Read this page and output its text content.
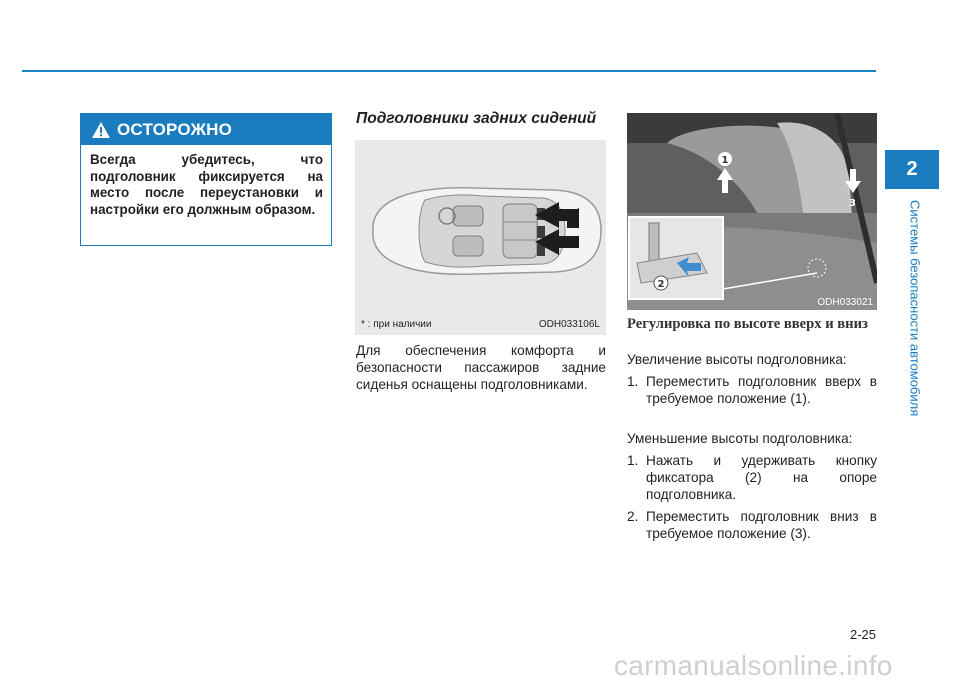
ОСТОРОЖНО

Всегда убедитесь, что подголовник фиксируется на место после переустановки и настройки его должным образом.

Подголовники задних сидений
*
* : при наличии	ODH033106L

Для обеспечения комфорта и безопасности пассажиров задние сиденья оснащены подголовниками.

1
3
2
ODH033021
Регулировка по высоте вверх и вниз

Увеличение высоты подголовника:

1. Переместить подголовник вверх в требуемое положение (1).

Уменьшение высоты подголовника:

1. Нажать и удерживать кнопку фиксатора (2) на опоре подголовника.
2. Переместить подголовник вниз в требуемое положение (3).
2
Системы безопасности автомобиля
2-25
carmanualsonline.info
